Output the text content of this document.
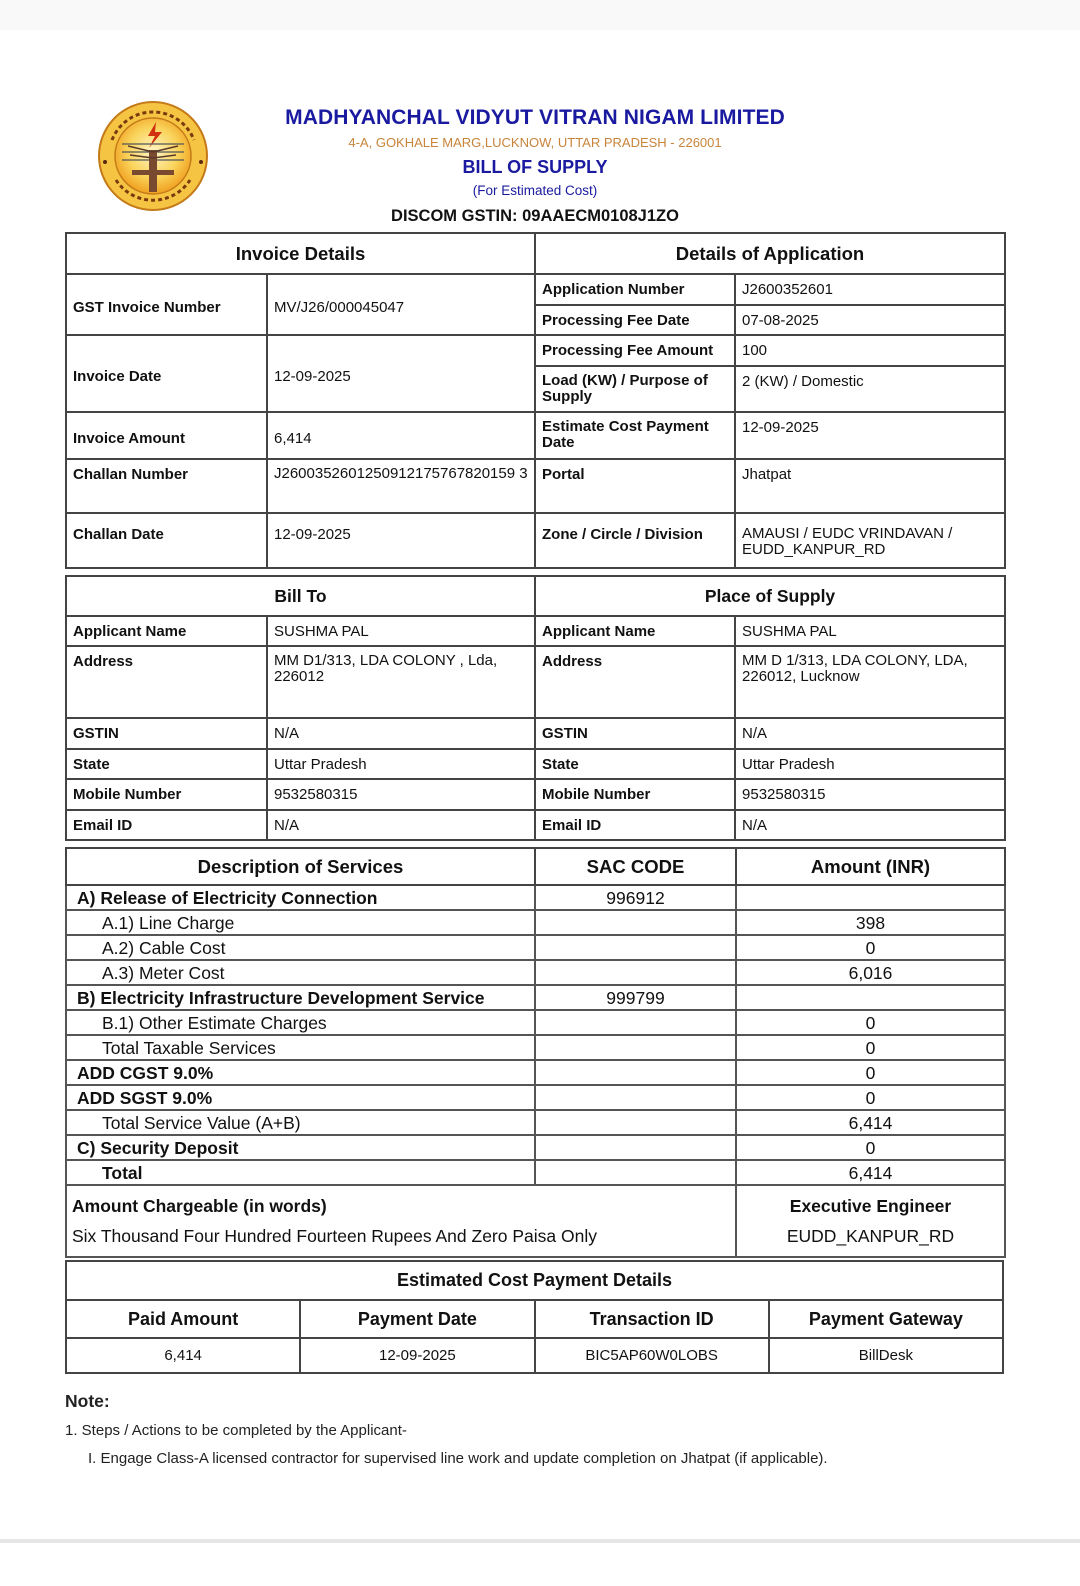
MADHYANCHAL VIDYUT VITRAN NIGAM LIMITED
4-A, GOKHALE MARG,LUCKNOW, UTTAR PRADESH - 226001
BILL OF SUPPLY
(For Estimated Cost)
DISCOM GSTIN: 09AAECM0108J1ZO
Invoice Details		Details of Application	
GST Invoice Number	MV/J26/000045047	Application Number	J2600352601
		Processing Fee Date	07-08-2025
Invoice Date	12-09-2025	Processing Fee Amount	100
		Load (KW) / Purpose of Supply	2 (KW) / Domestic
Invoice Amount	6,414	Estimate Cost Payment Date	12-09-2025
Challan Number	J2600352601250912175767820159 3	Portal	Jhatpat
Challan Date	12-09-2025	Zone / Circle / Division	AMAUSI / EUDC VRINDAVAN / EUDD_KANPUR_RD
Bill To		Place of Supply	
Applicant Name	SUSHMA PAL	Applicant Name	SUSHMA PAL
Address	MM D1/313, LDA COLONY , Lda, 226012	Address	MM D 1/313, LDA COLONY, LDA, 226012, Lucknow
GSTIN	N/A	GSTIN	N/A
State	Uttar Pradesh	State	Uttar Pradesh
Mobile Number	9532580315	Mobile Number	9532580315
Email ID	N/A	Email ID	N/A
Description of Services	SAC CODE	Amount (INR)
A) Release of Electricity Connection	996912	
A.1) Line Charge		398
A.2) Cable Cost		0
A.3) Meter Cost		6,016
B) Electricity Infrastructure Development Service	999799	
B.1) Other Estimate Charges		0
Total Taxable Services		0
ADD CGST 9.0%		0
ADD SGST 9.0%		0
Total Service Value (A+B)		6,414
C) Security Deposit		0
Total		6,414

Amount Chargeable (in words)
Six Thousand Four Hundred Fourteen Rupees And Zero Paisa Only

Executive Engineer
EUDD_KANPUR_RD
Estimated Cost Payment Details			
Paid Amount	Payment Date	Transaction ID	Payment Gateway
6,414	12-09-2025	BIC5AP60W0LOBS	BillDesk
Note:
1. Steps / Actions to be completed by the Applicant-
I. Engage Class-A licensed contractor for supervised line work and update completion on Jhatpat (if applicable).
